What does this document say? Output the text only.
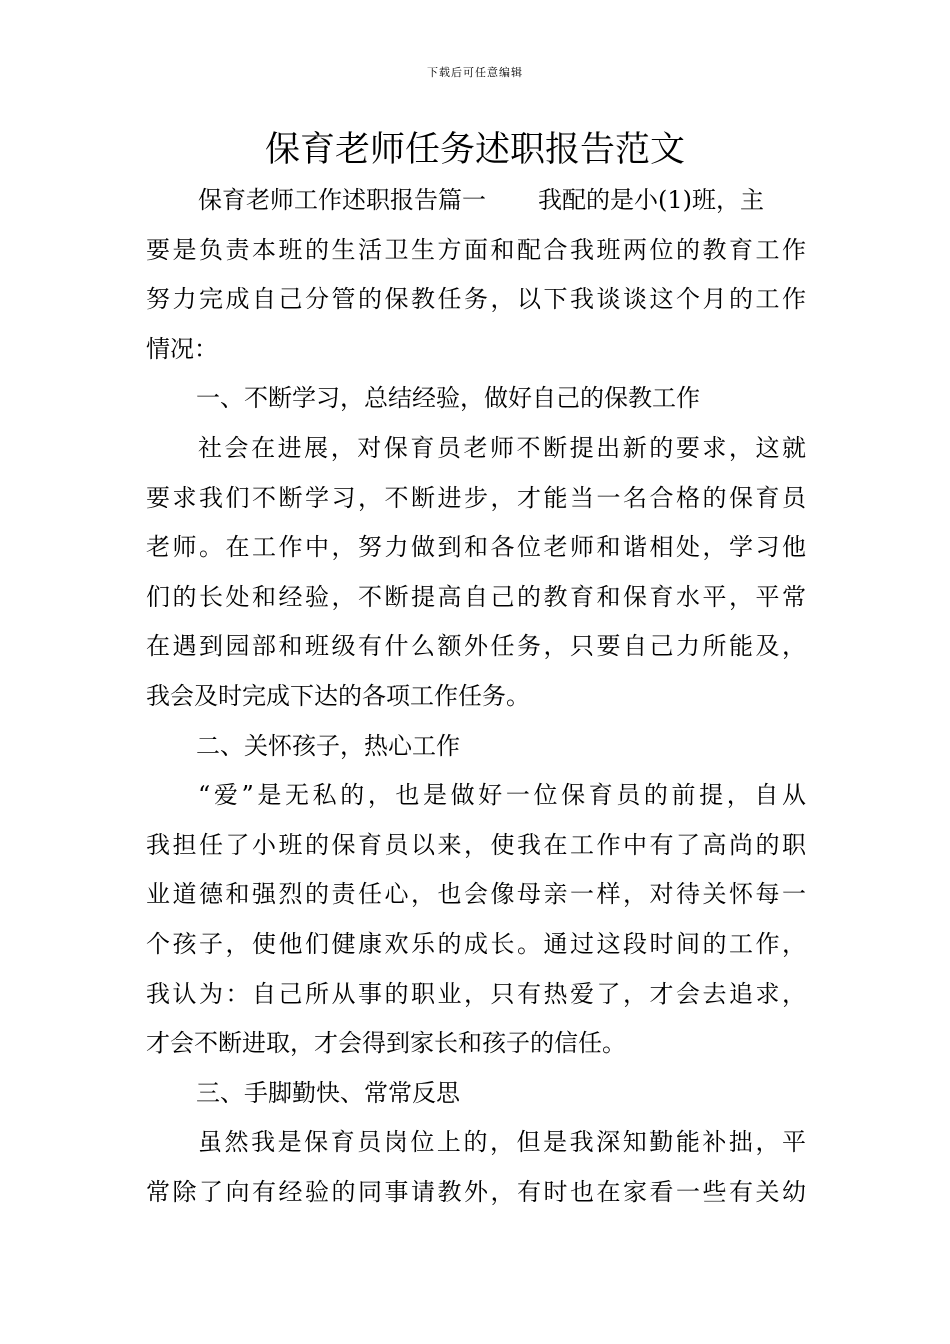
下载后可任意编辑
保育老师任务述职报告范文
保育老师工作述职报告篇一 我配的是小(1)班，主
要是负责本班的生活卫生方面和配合我班两位的教育工作
努力完成自己分管的保教任务，以下我谈谈这个月的工作
情况：
一、不断学习，总结经验，做好自己的保教工作
社会在进展，对保育员老师不断提出新的要求，这就
要求我们不断学习，不断进步，才能当一名合格的保育员
老师。在工作中，努力做到和各位老师和谐相处，学习他
们的长处和经验，不断提高自己的教育和保育水平，平常
在遇到园部和班级有什么额外任务，只要自己力所能及，
我会及时完成下达的各项工作任务。
二、关怀孩子，热心工作
“爱”是无私的，也是做好一位保育员的前提，自从
我担任了小班的保育员以来，使我在工作中有了高尚的职
业道德和强烈的责任心，也会像母亲一样，对待关怀每一
个孩子，使他们健康欢乐的成长。通过这段时间的工作，
我认为：自己所从事的职业，只有热爱了，才会去追求，
才会不断进取，才会得到家长和孩子的信任。
三、手脚勤快、常常反思
虽然我是保育员岗位上的，但是我深知勤能补拙，平
常除了向有经验的同事请教外，有时也在家看一些有关幼
